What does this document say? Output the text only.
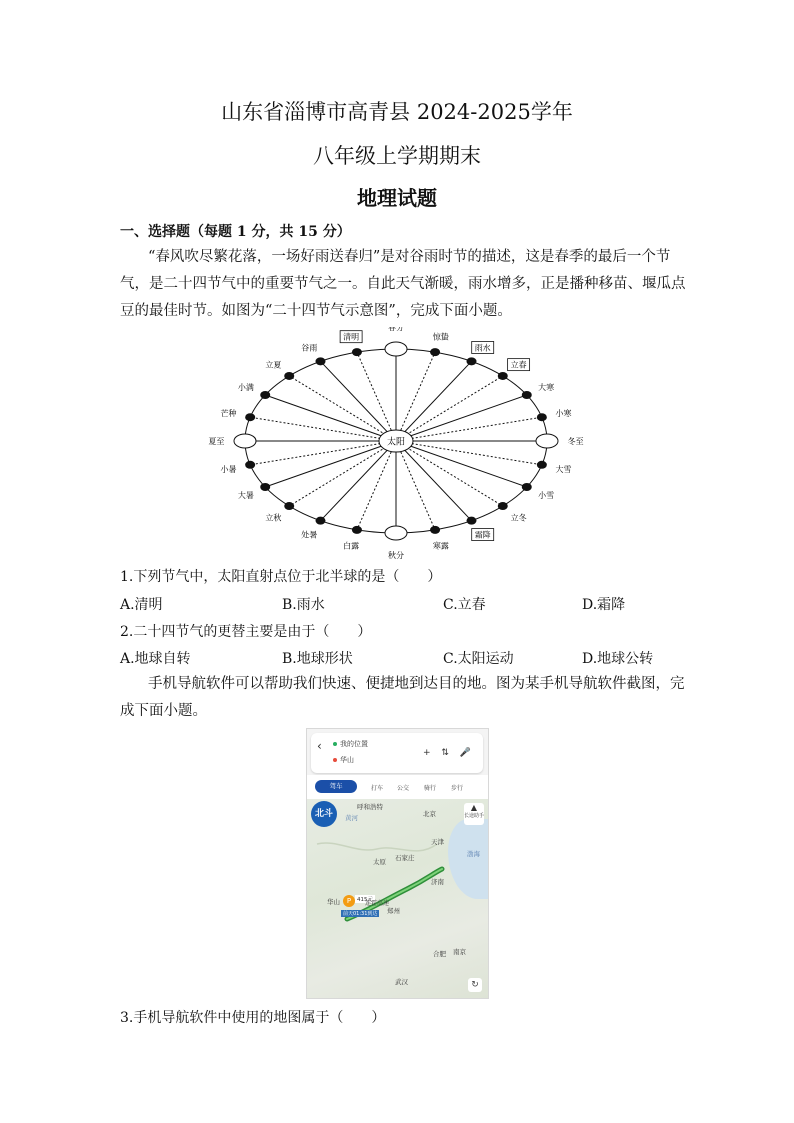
山东省淄博市高青县 2024-2025学年
八年级上学期期末
地理试题
一、选择题（每题 1 分，共 15 分）
“春风吹尽繁花落，一场好雨送春归”是对谷雨时节的描述，这是春季的最后一个节
气，是二十四节气中的重要节气之一。自此天气渐暖，雨水增多，正是播种移苗、堰瓜点
豆的最佳时节。如图为“二十四节气示意图”，完成下面小题。
太阳
春分
惊蛰
雨水
立春
大寒
小寒
冬至
大雪
小雪
立冬
霜降
寒露
秋分
白露
处暑
立秋
大暑
小暑
夏至
芒种
小满
立夏
谷雨
清明
1.下列节气中，太阳直射点位于北半球的是（　　）
A.清明	B.雨水	C.立春	D.霜降
2.二十四节气的更替主要是由于（　　）
A.地球自转	B.地球形状	C.太阳运动	D.地球公转
手机导航软件可以帮助我们快速、便捷地到达目的地。图为某手机导航软件截图，完
成下面小题。
‹	我的位置
华山
+ ⇅ 🎤
驾车	打车 公交 骑行 步行
北斗
▲
长途助手
呼和浩特
黄河	北京
天津
渤海
太原 石家庄
济南
郑州
华山
合肥 南京
武汉
P	415元
前天01:31到达
连霍高速
↻
3.手机导航软件中使用的地图属于（　　）
